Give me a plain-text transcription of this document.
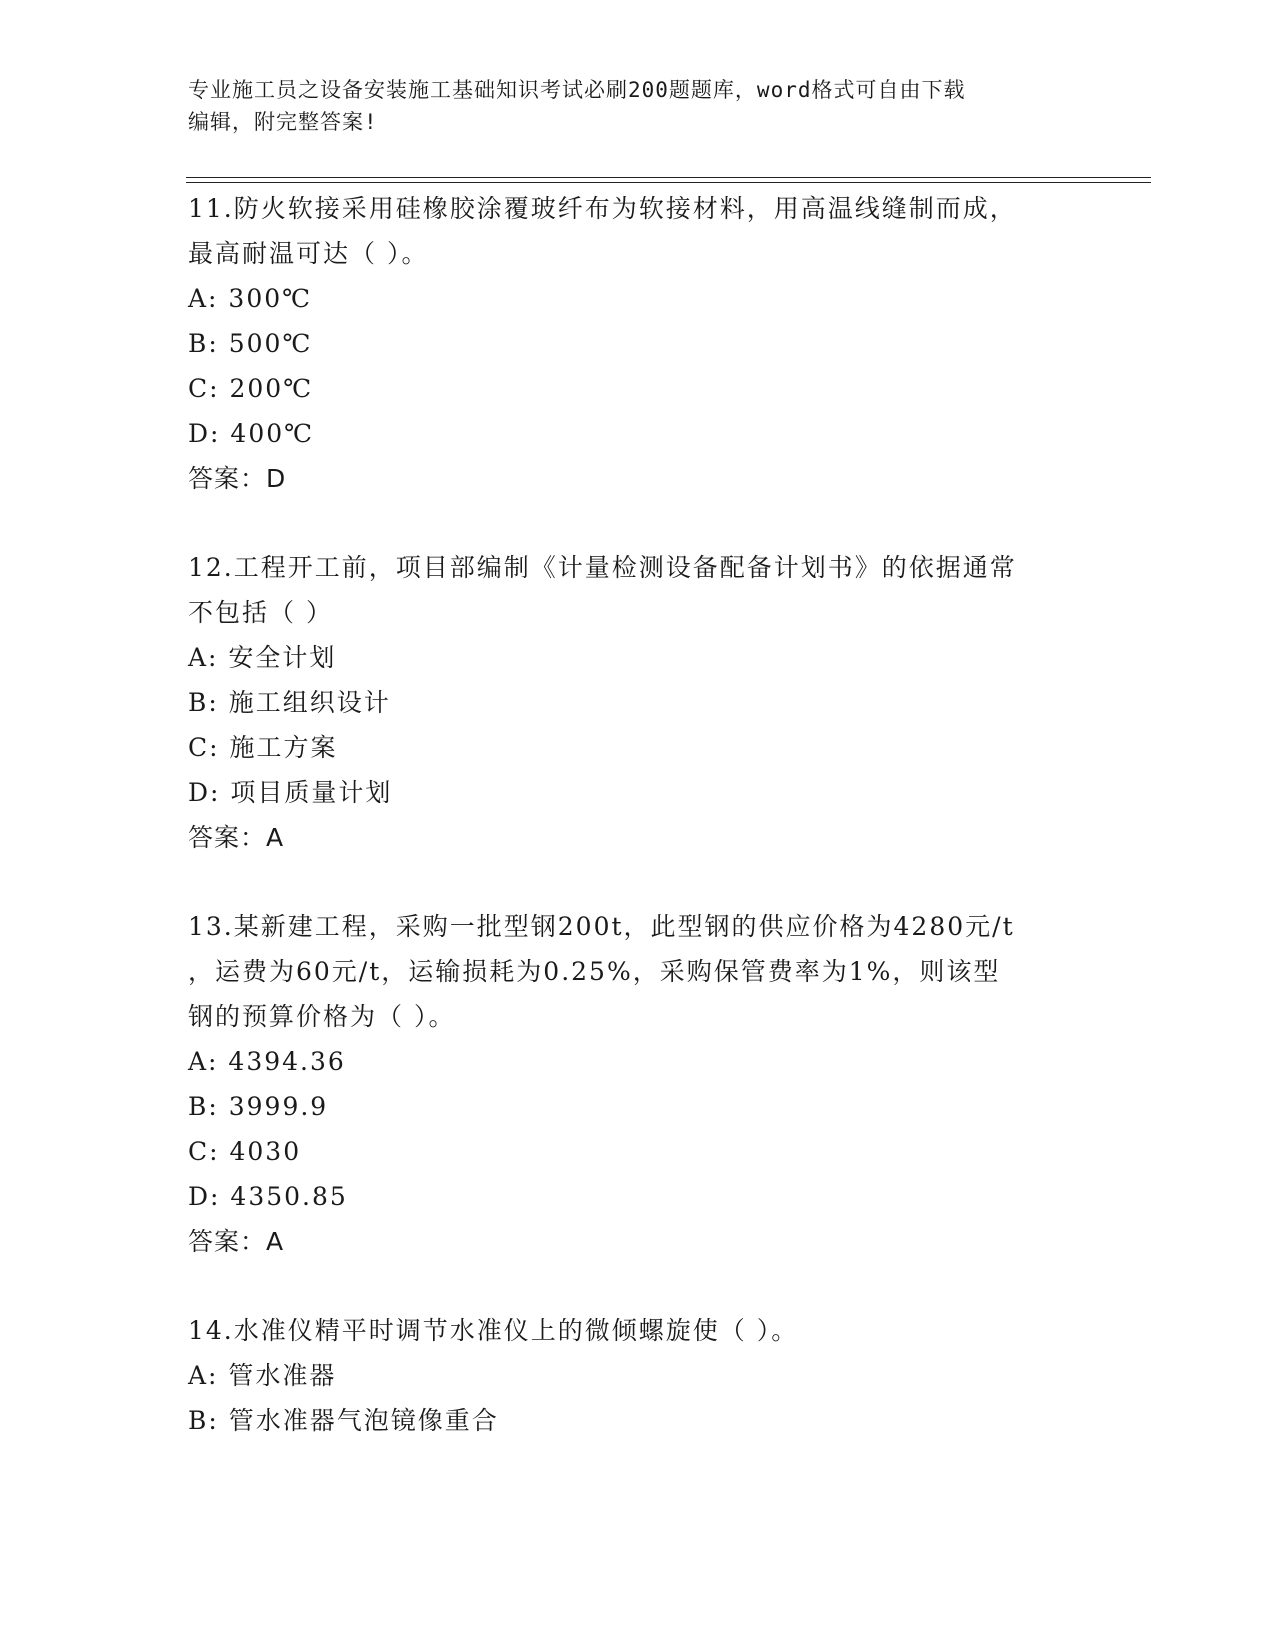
专业施工员之设备安装施工基础知识考试必刷200题题库，word格式可自由下载
编辑，附完整答案!
11.防火软接采用硅橡胶涂覆玻纤布为软接材料，用高温线缝制而成，
最高耐温可达（ ）。
A: 300℃
B: 500℃
C: 200℃
D: 400℃
答案：D
12.工程开工前，项目部编制《计量检测设备配备计划书》的依据通常
不包括（ ）
A: 安全计划
B: 施工组织设计
C: 施工方案
D: 项目质量计划
答案：A
13.某新建工程，采购一批型钢200t，此型钢的供应价格为4280元/t
，运费为60元/t，运输损耗为0.25%，采购保管费率为1%，则该型
钢的预算价格为（ ）。
A: 4394.36
B: 3999.9
C: 4030
D: 4350.85
答案：A
14.水准仪精平时调节水准仪上的微倾螺旋使（ ）。
A: 管水准器
B: 管水准器气泡镜像重合
